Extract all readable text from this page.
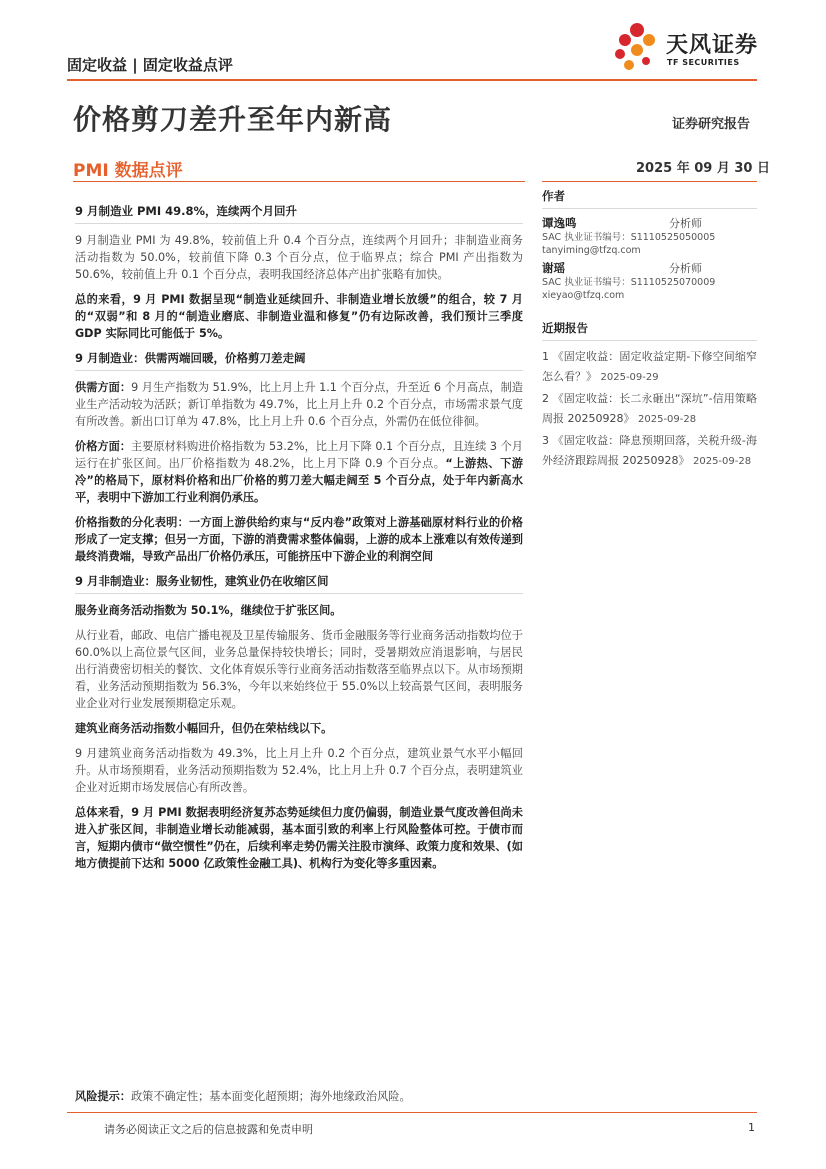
固定收益 | 固定收益点评
天风证券
TF SECURITIES
价格剪刀差升至年内新高	证券研究报告
PMI 数据点评	2025 年 09 月 30 日
9 月制造业 PMI 49.8%，连续两个月回升
9 月制造业 PMI 为 49.8%，较前值上升 0.4 个百分点，连续两个月回升；非制造业商务活动指数为 50.0%，较前值下降 0.3 个百分点，位于临界点；综合 PMI 产出指数为 50.6%，较前值上升 0.1 个百分点，表明我国经济总体产出扩张略有加快。
总的来看，9 月 PMI 数据呈现“制造业延续回升、非制造业增长放缓”的组合，较 7 月的“双弱”和 8 月的“制造业磨底、非制造业温和修复”仍有边际改善，我们预计三季度 GDP 实际同比可能低于 5%。
9 月制造业：供需两端回暖，价格剪刀差走阔
供需方面：9 月生产指数为 51.9%，比上月上升 1.1 个百分点，升至近 6 个月高点，制造业生产活动较为活跃；新订单指数为 49.7%，比上月上升 0.2 个百分点，市场需求景气度有所改善。新出口订单为 47.8%，比上月上升 0.6 个百分点，外需仍在低位徘徊。
价格方面：主要原材料购进价格指数为 53.2%，比上月下降 0.1 个百分点，且连续 3 个月运行在扩张区间。出厂价格指数为 48.2%，比上月下降 0.9 个百分点。“上游热、下游冷”的格局下，原材料价格和出厂价格的剪刀差大幅走阔至 5 个百分点，处于年内新高水平，表明中下游加工行业利润仍承压。
价格指数的分化表明：一方面上游供给约束与“反内卷”政策对上游基础原材料行业的价格形成了一定支撑；但另一方面，下游的消费需求整体偏弱，上游的成本上涨难以有效传递到最终消费端，导致产品出厂价格仍承压，可能挤压中下游企业的利润空间
9 月非制造业：服务业韧性，建筑业仍在收缩区间
服务业商务活动指数为 50.1%，继续位于扩张区间。
从行业看，邮政、电信广播电视及卫星传输服务、货币金融服务等行业商务活动指数均位于 60.0%以上高位景气区间，业务总量保持较快增长；同时，受暑期效应消退影响，与居民出行消费密切相关的餐饮、文化体育娱乐等行业商务活动指数落至临界点以下。从市场预期看，业务活动预期指数为 56.3%，今年以来始终位于 55.0%以上较高景气区间，表明服务业企业对行业发展预期稳定乐观。
建筑业商务活动指数小幅回升，但仍在荣枯线以下。
9 月建筑业商务活动指数为 49.3%，比上月上升 0.2 个百分点，建筑业景气水平小幅回升。从市场预期看，业务活动预期指数为 52.4%，比上月上升 0.7 个百分点，表明建筑业企业对近期市场发展信心有所改善。
总体来看，9 月 PMI 数据表明经济复苏态势延续但力度仍偏弱，制造业景气度改善但尚未进入扩张区间，非制造业增长动能减弱，基本面引致的利率上行风险整体可控。于债市而言，短期内债市“做空惯性”仍在，后续利率走势仍需关注股市演绎、政策力度和效果、(如地方债提前下达和 5000 亿政策性金融工具)、机构行为变化等多重因素。
风险提示：政策不确定性；基本面变化超预期；海外地缘政治风险。
作者
谭逸鸣	分析师
SAC 执业证书编号：S1110525050005
tanyiming@tfzq.com
谢瑶	分析师
SAC 执业证书编号：S1110525070009
xieyao@tfzq.com
近期报告
1 《固定收益：固定收益定期-下修空间缩窄怎么看？》 2025-09-29
2 《固定收益：长二永砸出“深坑”-信用策略周报 20250928》 2025-09-28
3 《固定收益：降息预期回落，关税升级-海外经济跟踪周报 20250928》 2025-09-28
请务必阅读正文之后的信息披露和免责申明	1
